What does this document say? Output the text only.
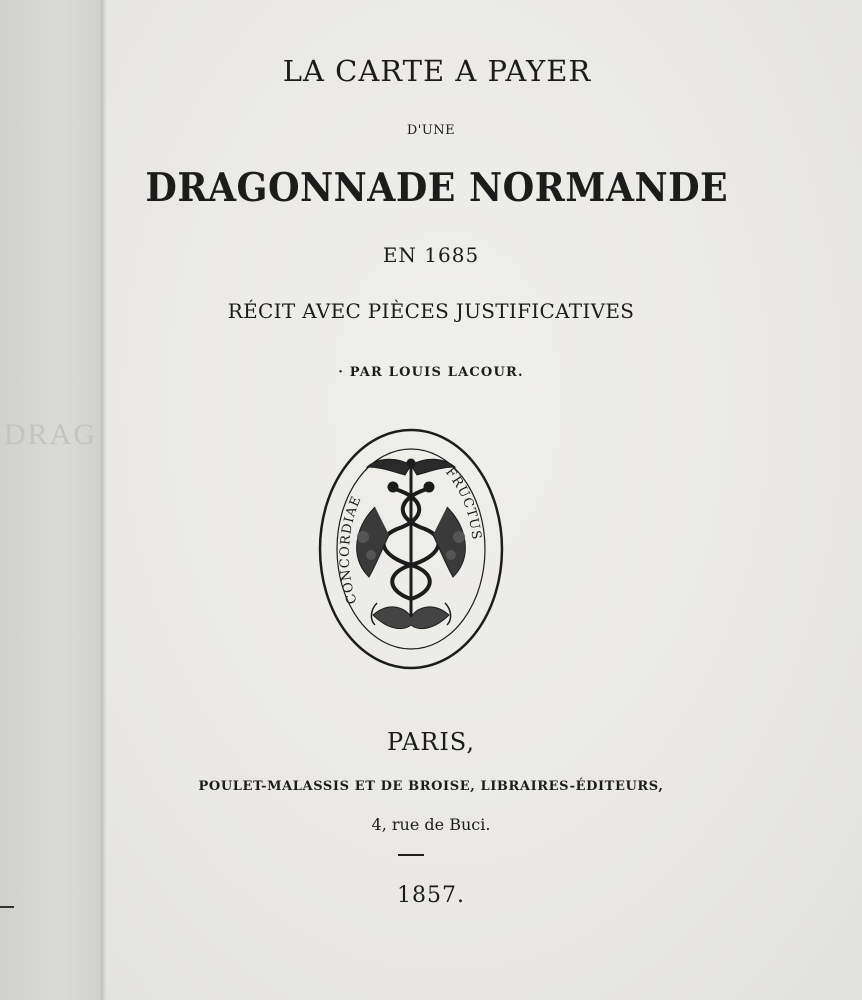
DRAG
LA CARTE A PAYER
D'UNE
DRAGONNADE NORMANDE
EN 1685
RÉCIT AVEC PIÈCES JUSTIFICATIVES
· PAR LOUIS LACOUR.
CONCORDIAE
FRUCTUS
PARIS,
POULET-MALASSIS ET DE BROISE, LIBRAIRES-ÉDITEURS,
4, rue de Buci.
1857.
